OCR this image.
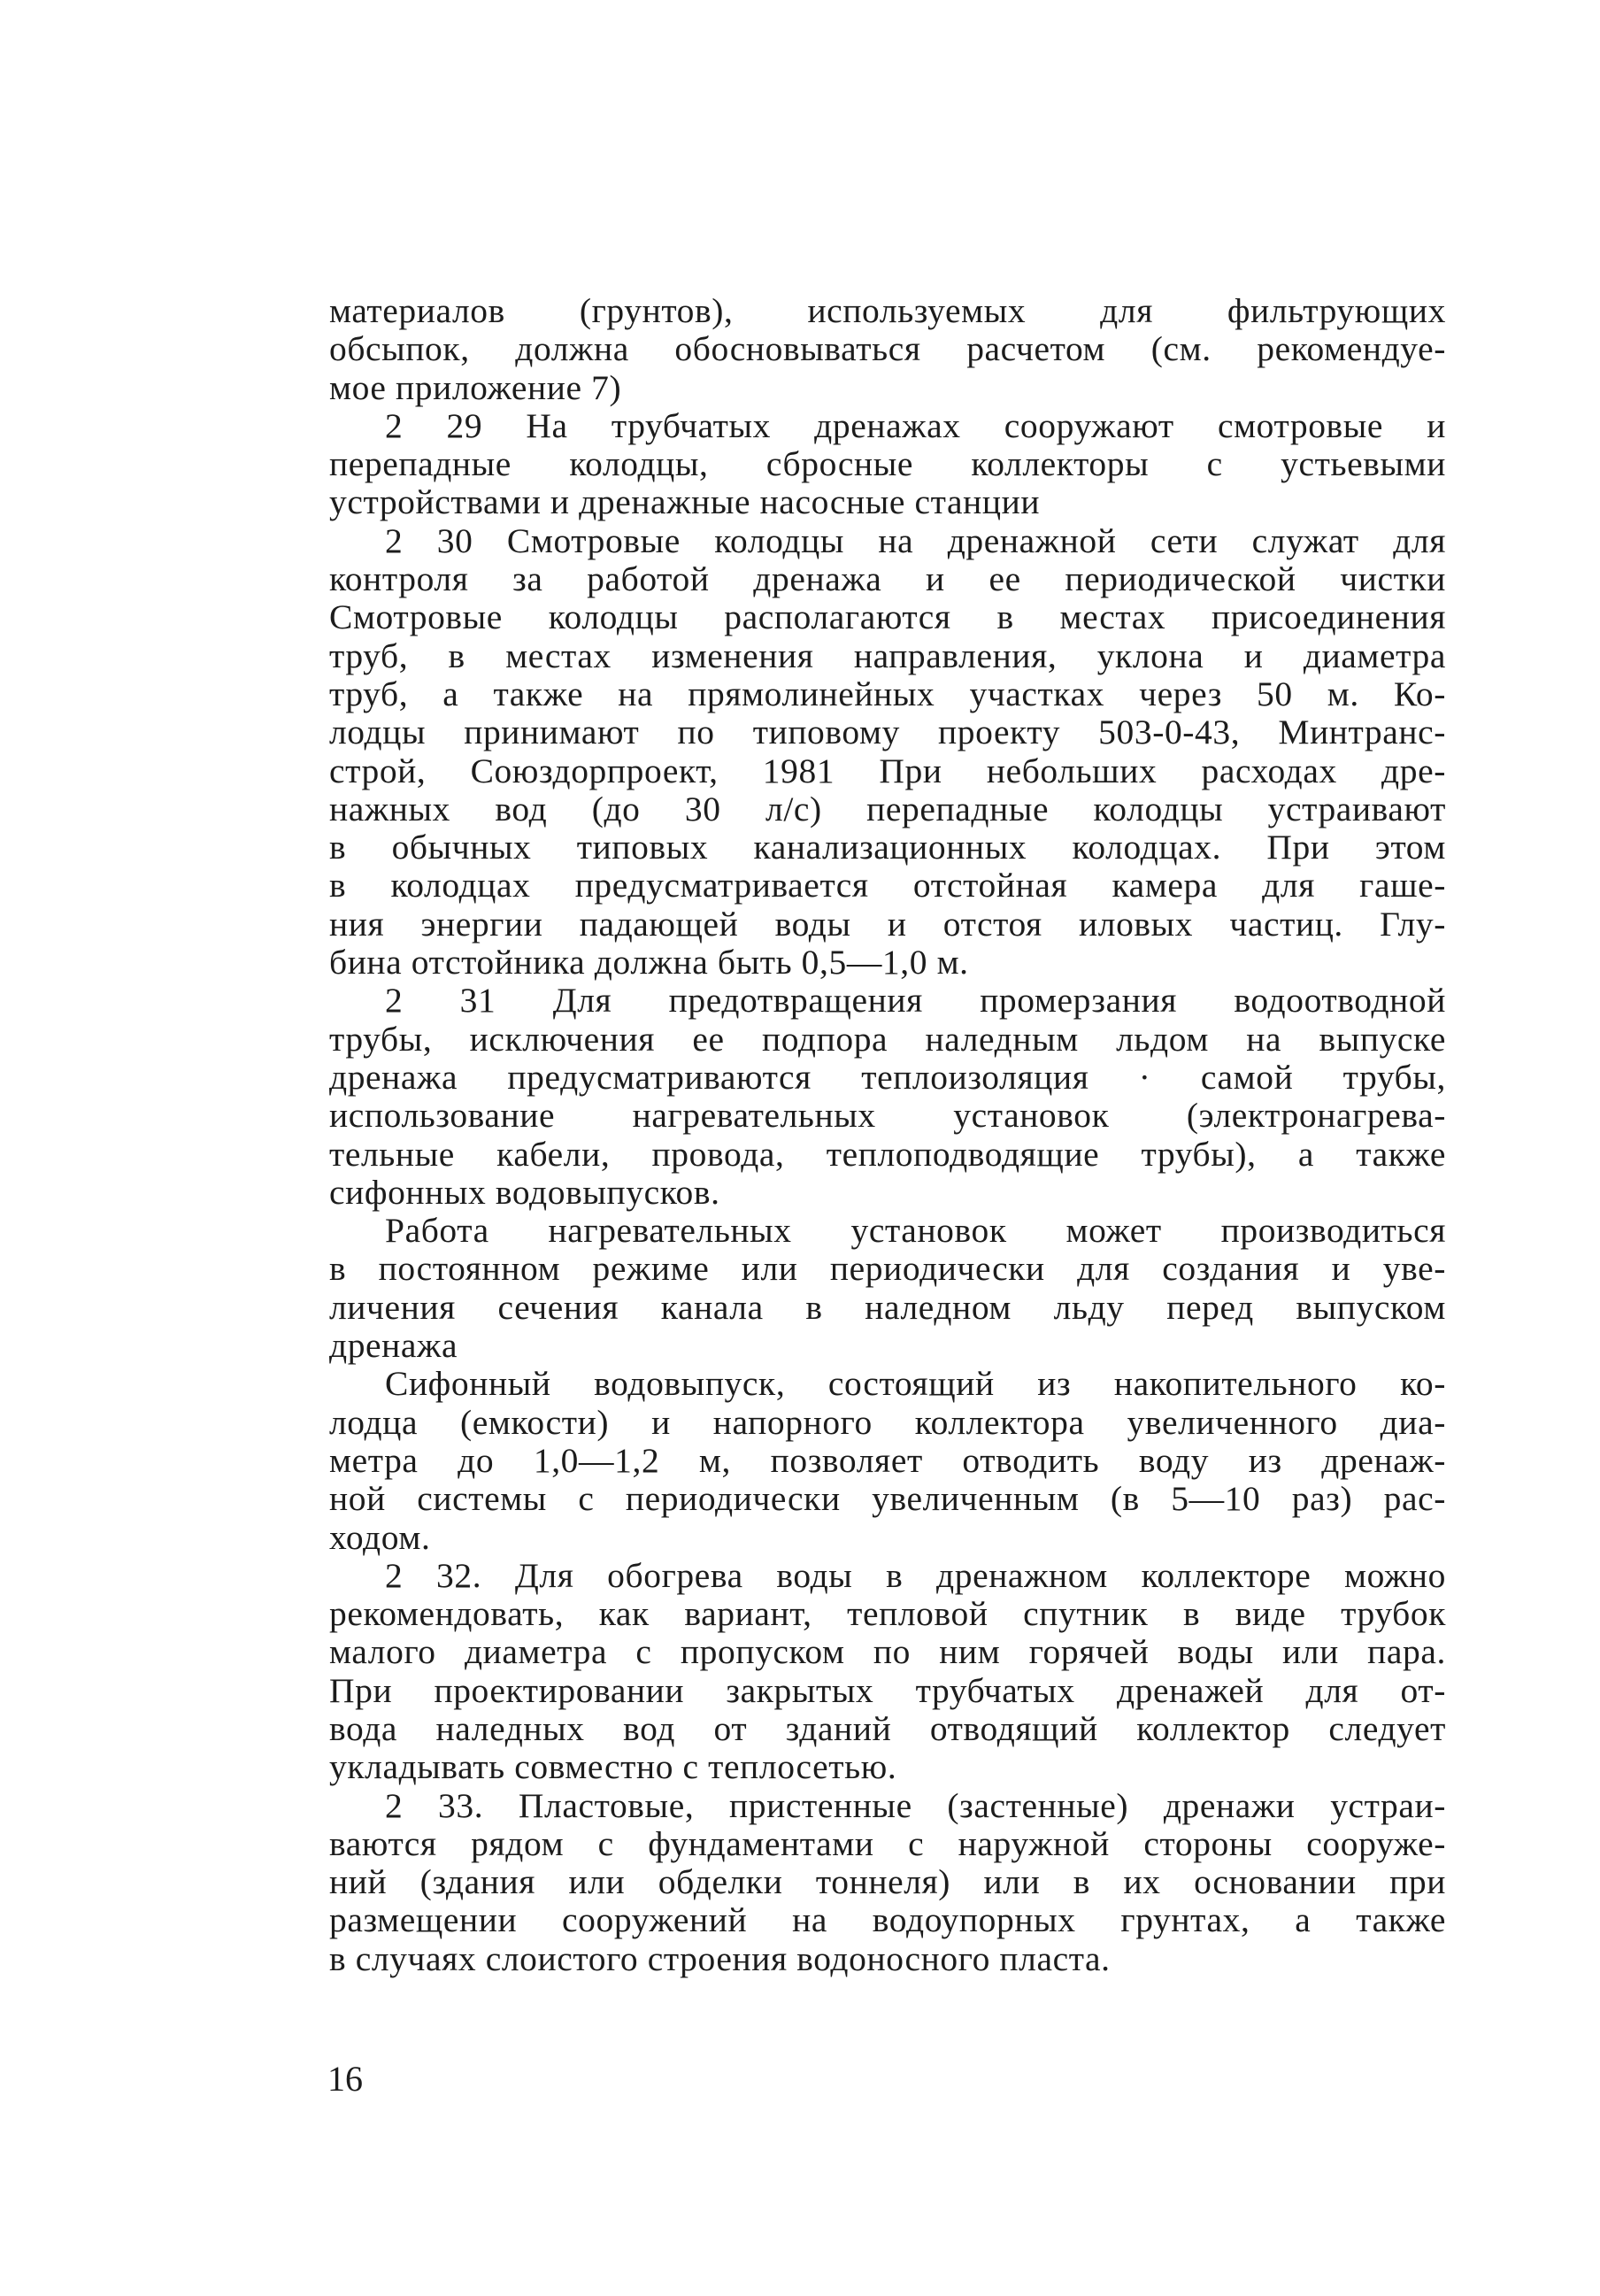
материалов (грунтов), используемых для фильтрующих
обсыпок, должна обосновываться расчетом (см. рекомендуе-
мое приложение 7)
2 29 На трубчатых дренажах сооружают смотровые и
перепадные колодцы, сбросные коллекторы с устьевыми
устройствами и дренажные насосные станции
2 30 Смотровые колодцы на дренажной сети служат для
контроля за работой дренажа и ее периодической чистки
Смотровые колодцы располагаются в местах присоединения
труб, в местах изменения направления, уклона и диаметра
труб, а также на прямолинейных участках через 50 м. Ко-
лодцы принимают по типовому проекту 503-0-43, Минтранс-
строй, Союздорпроект, 1981 При небольших расходах дре-
нажных вод (до 30 л/с) перепадные колодцы устраивают
в обычных типовых канализационных колодцах. При этом
в колодцах предусматривается отстойная камера для гаше-
ния энергии падающей воды и отстоя иловых частиц. Глу-
бина отстойника должна быть 0,5—1,0 м.
2 31 Для предотвращения промерзания водоотводной
трубы, исключения ее подпора наледным льдом на выпуске
дренажа предусматриваются теплоизоляция · самой трубы,
использование нагревательных установок (электронагрева-
тельные кабели, провода, теплоподводящие трубы), а также
сифонных водовыпусков.
Работа нагревательных установок может производиться
в постоянном режиме или периодически для создания и уве-
личения сечения канала в наледном льду перед выпуском
дренажа
Сифонный водовыпуск, состоящий из накопительного ко-
лодца (емкости) и напорного коллектора увеличенного диа-
метра до 1,0—1,2 м, позволяет отводить воду из дренаж-
ной системы с периодически увеличенным (в 5—10 раз) рас-
ходом.
2 32. Для обогрева воды в дренажном коллекторе можно
рекомендовать, как вариант, тепловой спутник в виде трубок
малого диаметра с пропуском по ним горячей воды или пара.
При проектировании закрытых трубчатых дренажей для от-
вода наледных вод от зданий отводящий коллектор следует
укладывать совместно с теплосетью.
2 33. Пластовые, пристенные (застенные) дренажи устраи-
ваются рядом с фундаментами с наружной стороны сооруже-
ний (здания или обделки тоннеля) или в их основании при
размещении сооружений на водоупорных грунтах, а также
в случаях слоистого строения водоносного пласта.
16
